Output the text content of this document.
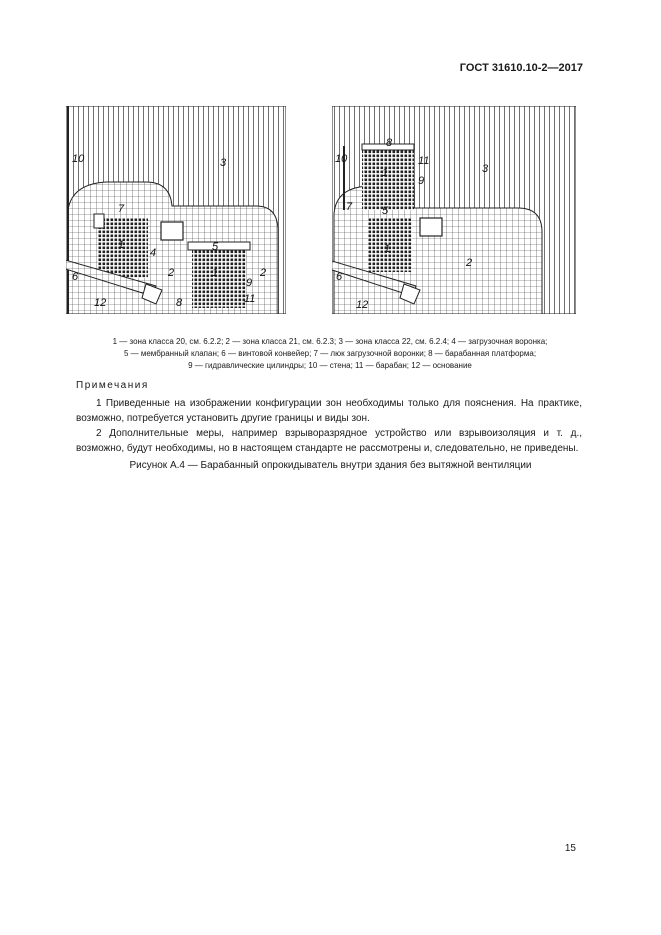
ГОСТ 31610.10-2—2017
10	3
7
1
4	5
2
6	1	2
9
12	8	11
8
10
1
11
3
9
7	5
1
2
6
12
1 — зона класса 20, см. 6.2.2; 2 — зона класса 21, см. 6.2.3; 3 — зона класса 22, см. 6.2.4; 4 — загрузочная воронка;
5 — мембранный клапан; 6 — винтовой конвейер; 7 — люк загрузочной воронки; 8 — барабанная платформа;
9 — гидравлические цилиндры; 10 — стена; 11 — барабан; 12 — основание
Примечания
1 Приведенные на изображении конфигурации зон необходимы только для пояснения. На практике, возможно, потребуется установить другие границы и виды зон.
2 Дополнительные меры, например взрыворазрядное устройство или взрывоизоляция и т. д., возможно, будут необходимы, но в настоящем стандарте не рассмотрены и, следовательно, не приведены.
Рисунок А.4 — Барабанный опрокидыватель внутри здания без вытяжной вентиляции
15
